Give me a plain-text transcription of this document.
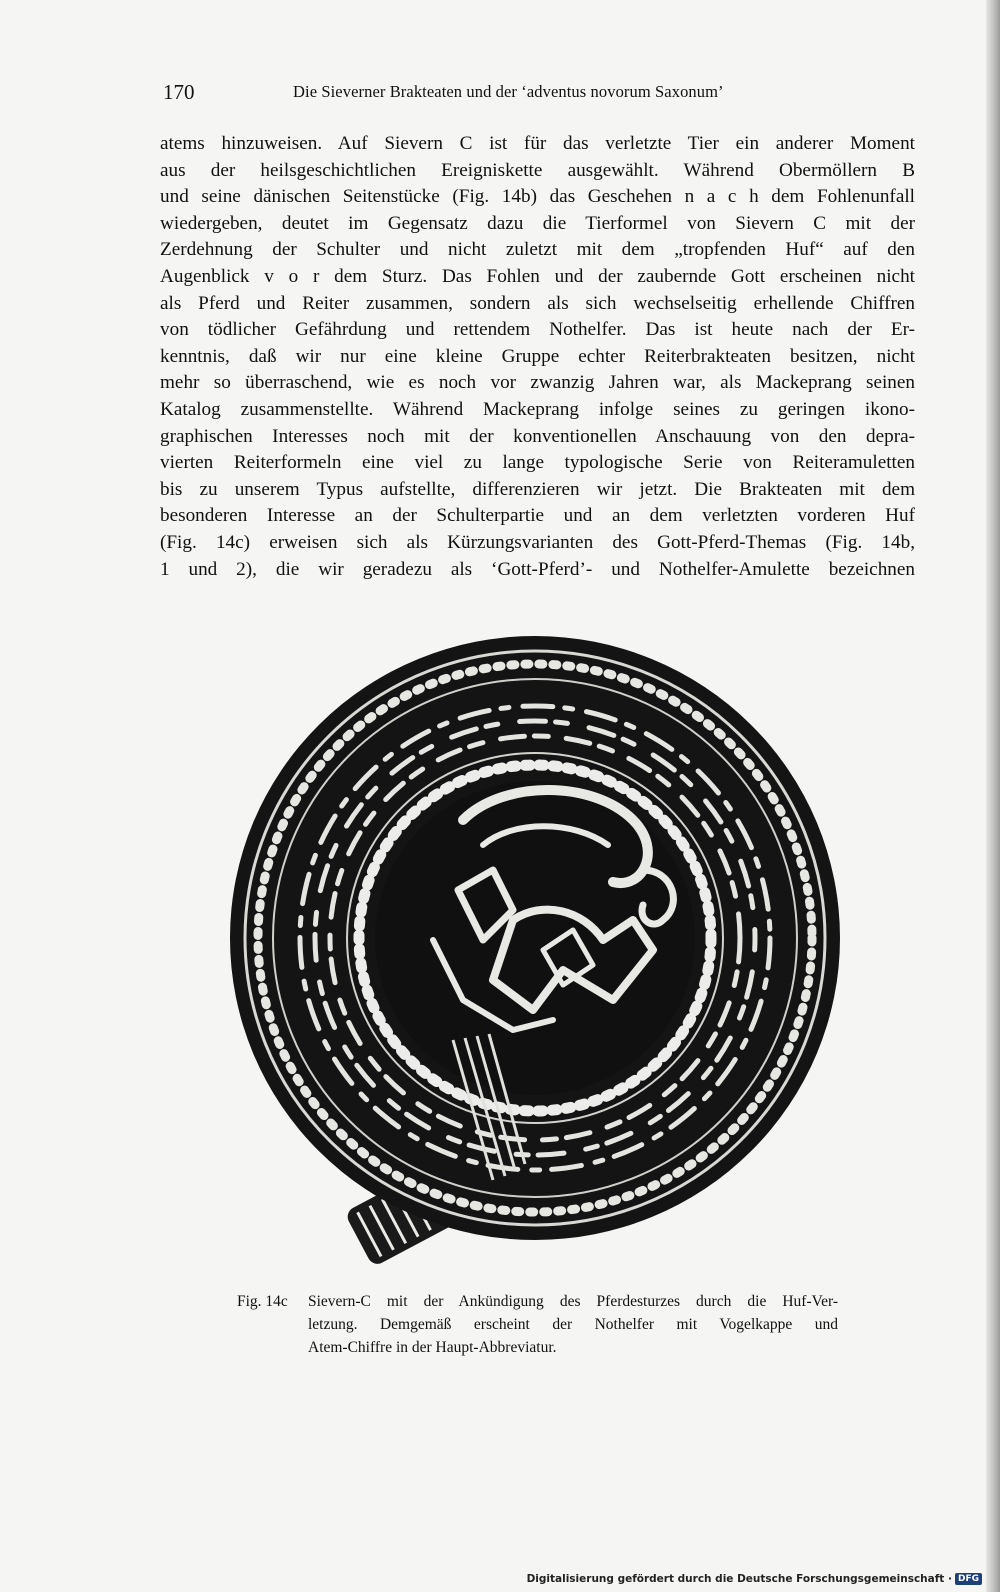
170	Die Sieverner Brakteaten und der ‘adventus novorum Saxonum’
atems hinzuweisen. Auf Sievern C ist für das verletzte Tier ein anderer Moment
aus der heilsgeschichtlichen Ereigniskette ausgewählt. Während Obermöllern B
und seine dänischen Seitenstücke (Fig. 14b) das Geschehen n a c h dem Fohlenunfall
wiedergeben, deutet im Gegensatz dazu die Tierformel von Sievern C mit der
Zerdehnung der Schulter und nicht zuletzt mit dem „tropfenden Huf“ auf den
Augenblick v o r dem Sturz. Das Fohlen und der zaubernde Gott erscheinen nicht
als Pferd und Reiter zusammen, sondern als sich wechselseitig erhellende Chiffren
von tödlicher Gefährdung und rettendem Nothelfer. Das ist heute nach der Er-
kenntnis, daß wir nur eine kleine Gruppe echter Reiterbrakteaten besitzen, nicht
mehr so überraschend, wie es noch vor zwanzig Jahren war, als Mackeprang seinen
Katalog zusammenstellte. Während Mackeprang infolge seines zu geringen ikono-
graphischen Interesses noch mit der konventionellen Anschauung von den depra-
vierten Reiterformeln eine viel zu lange typologische Serie von Reiteramuletten
bis zu unserem Typus aufstellte, differenzieren wir jetzt. Die Brakteaten mit dem
besonderen Interesse an der Schulterpartie und an dem verletzten vorderen Huf
(Fig. 14c) erweisen sich als Kürzungsvarianten des Gott-Pferd-Themas (Fig. 14b,
1 und 2), die wir geradezu als ‘Gott-Pferd’- und Nothelfer-Amulette bezeichnen
Fig. 14c Sievern-C mit der Ankündigung des Pferdesturzes durch die Huf-Ver-
letzung. Demgemäß erscheint der Nothelfer mit Vogelkappe und
Atem-Chiffre in der Haupt-Abbreviatur.
Digitalisierung gefördert durch die Deutsche Forschungsgemeinschaft · DFG
